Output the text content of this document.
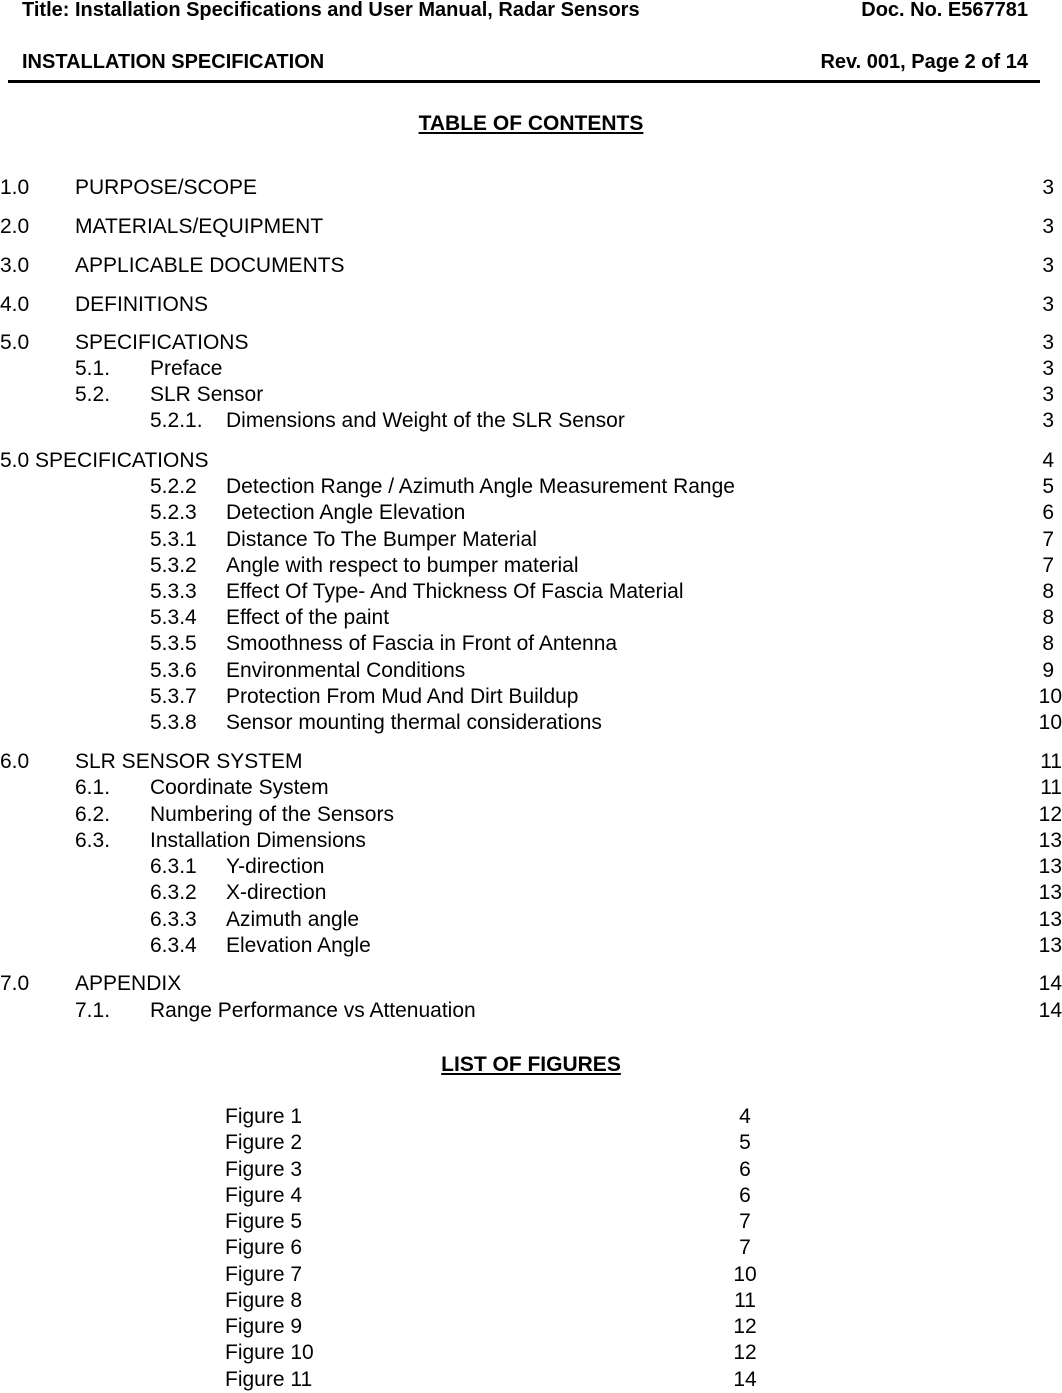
Title: Installation Specifications and User Manual, Radar Sensors	Doc. No. E567781
INSTALLATION SPECIFICATION	Rev. 001, Page 2 of 14
TABLE OF CONTENTS
1.0 PURPOSE/SCOPE	3
2.0 MATERIALS/EQUIPMENT	3
3.0 APPLICABLE DOCUMENTS	3
4.0 DEFINITIONS	3
5.0 SPECIFICATIONS	3
5.1. Preface	3
5.2. SLR Sensor	3
5.2.1. Dimensions and Weight of the SLR Sensor	3
5.0 SPECIFICATIONS	4
5.2.2 Detection Range / Azimuth Angle Measurement Range	5
5.2.3 Detection Angle Elevation	6
5.3.1 Distance To The Bumper Material	7
5.3.2 Angle with respect to bumper material	7
5.3.3 Effect Of Type- And Thickness Of Fascia Material	8
5.3.4 Effect of the paint	8
5.3.5 Smoothness of Fascia in Front of Antenna	8
5.3.6 Environmental Conditions	9
5.3.7 Protection From Mud And Dirt Buildup	10
5.3.8 Sensor mounting thermal considerations	10
6.0 SLR SENSOR SYSTEM	11
6.1. Coordinate System	11
6.2. Numbering of the Sensors	12
6.3. Installation Dimensions	13
6.3.1 Y-direction	13
6.3.2 X-direction	13
6.3.3 Azimuth angle	13
6.3.4 Elevation Angle	13
7.0 APPENDIX	14
7.1. Range Performance vs Attenuation	14
LIST OF FIGURES
Figure 1	4
Figure 2	5
Figure 3	6
Figure 4	6
Figure 5	7
Figure 6	7
Figure 7	10
Figure 8	11
Figure 9	12
Figure 10	12
Figure 11	14
